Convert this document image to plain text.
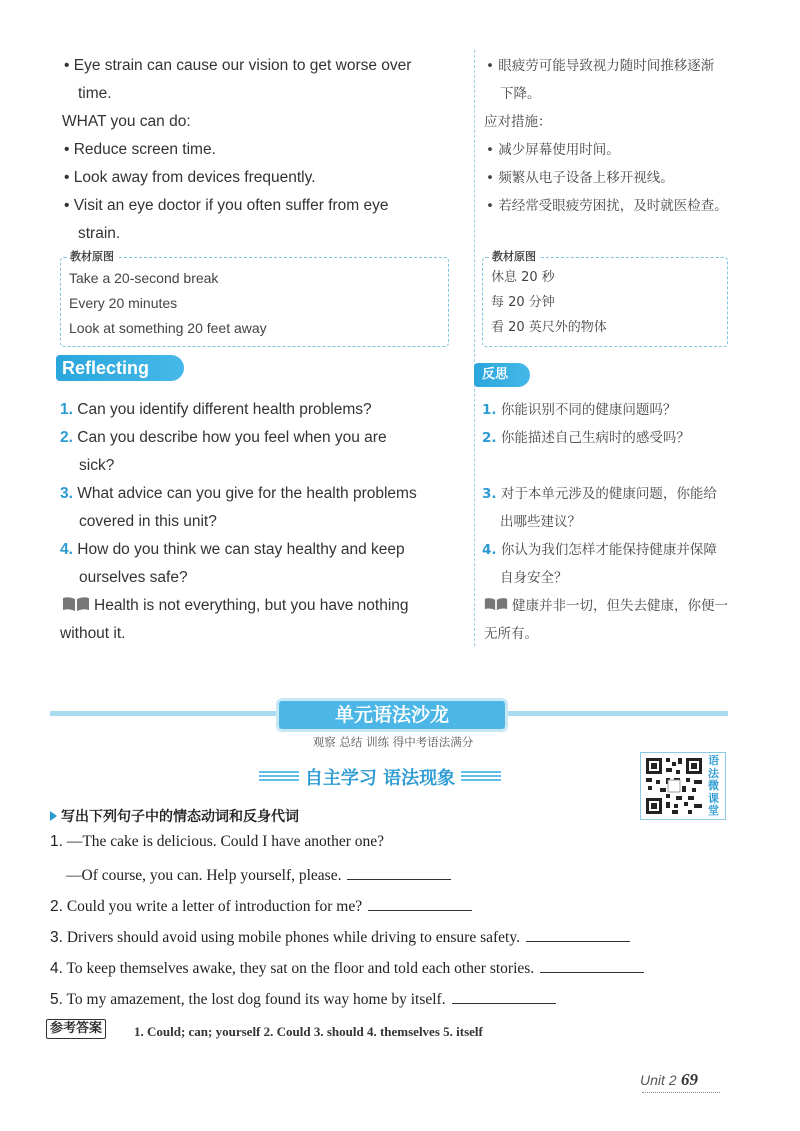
• Eye strain can cause our vision to get worse over
time.
WHAT you can do:
• Reduce screen time.
• Look away from devices frequently.
• Visit an eye doctor if you often suffer from eye
strain.
教材原图
Take a 20-second break
Every 20 minutes
Look at something 20 feet away
Reflecting
1. Can you identify different health problems?
2. Can you describe how you feel when you are
sick?
3. What advice can you give for the health problems
covered in this unit?
4. How do you think we can stay healthy and keep
ourselves safe?
Health is not everything, but you have nothing
without it.
• 眼疲劳可能导致视力随时间推移逐渐
下降。
应对措施：
• 减少屏幕使用时间。
• 频繁从电子设备上移开视线。
• 若经常受眼疲劳困扰，及时就医检查。
教材原图
休息 20 秒
每 20 分钟
看 20 英尺外的物体
反思
1. 你能识别不同的健康问题吗？
2. 你能描述自己生病时的感受吗？
3. 对于本单元涉及的健康问题，你能给
出哪些建议？
4. 你认为我们怎样才能保持健康并保障
自身安全？
健康并非一切，但失去健康，你便一
无所有。
单元语法沙龙
观察 总结 训练 得中考语法满分
自主学习 语法现象
语法微课堂
写出下列句子中的情态动词和反身代词
1. —The cake is delicious. Could I have another one?
—Of course, you can. Help yourself, please.
2. Could you write a letter of introduction for me?
3. Drivers should avoid using mobile phones while driving to ensure safety.
4. To keep themselves awake, they sat on the floor and told each other stories.
5. To my amazement, the lost dog found its way home by itself.
参考答案	1. Could; can; yourself 2. Could 3. should 4. themselves 5. itself
Unit 2 69
